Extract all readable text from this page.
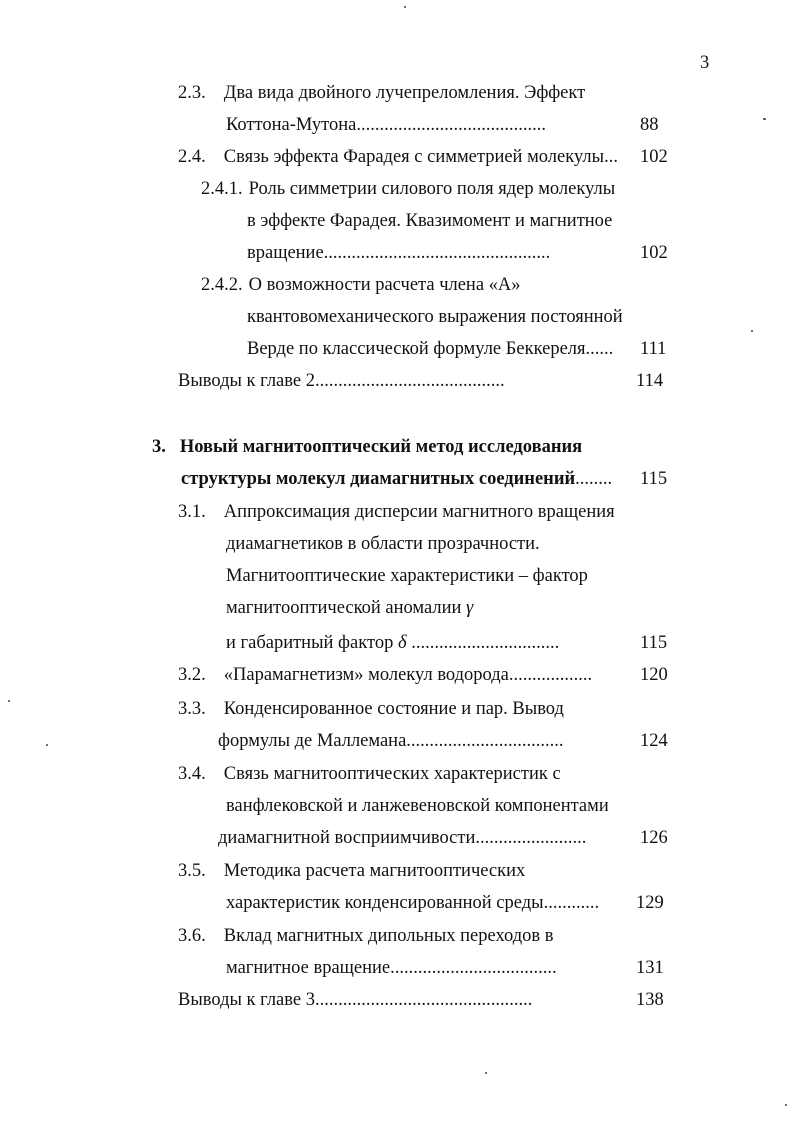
3
2.3. Два вида двойного лучепреломления. Эффект
Коттона-Мутона.........................................	88
2.4. Связь эффекта Фарадея с симметрией молекулы... 102
2.4.1. Роль симметрии силового поля ядер молекулы
в эффекте Фарадея. Квазимомент и магнитное
вращение.................................................	102
2.4.2. О возможности расчета члена «А»
квантовомеханического выражения постоянной
Верде по классической формуле Беккереля...... 111
Выводы к главе 2.........................................	114
3. Новый магнитооптический метод исследования
структуры молекул диамагнитных соединений........ 115
3.1. Аппроксимация дисперсии магнитного вращения
диамагнетиков в области прозрачности.
Магнитооптические характеристики – фактор
магнитооптической аномалии γ
и габаритный фактор δ ................................	115
3.2. «Парамагнетизм» молекул водорода..................	120
3.3. Конденсированное состояние и пар. Вывод
формулы де Маллемана..................................	124
3.4. Связь магнитооптических характеристик с
ванфлековской и ланжевеновской компонентами
диамагнитной восприимчивости........................	126
3.5. Методика расчета магнитооптических
характеристик конденсированной среды............ 129
3.6. Вклад магнитных дипольных переходов в
магнитное вращение....................................	131
Выводы к главе 3...............................................	138
